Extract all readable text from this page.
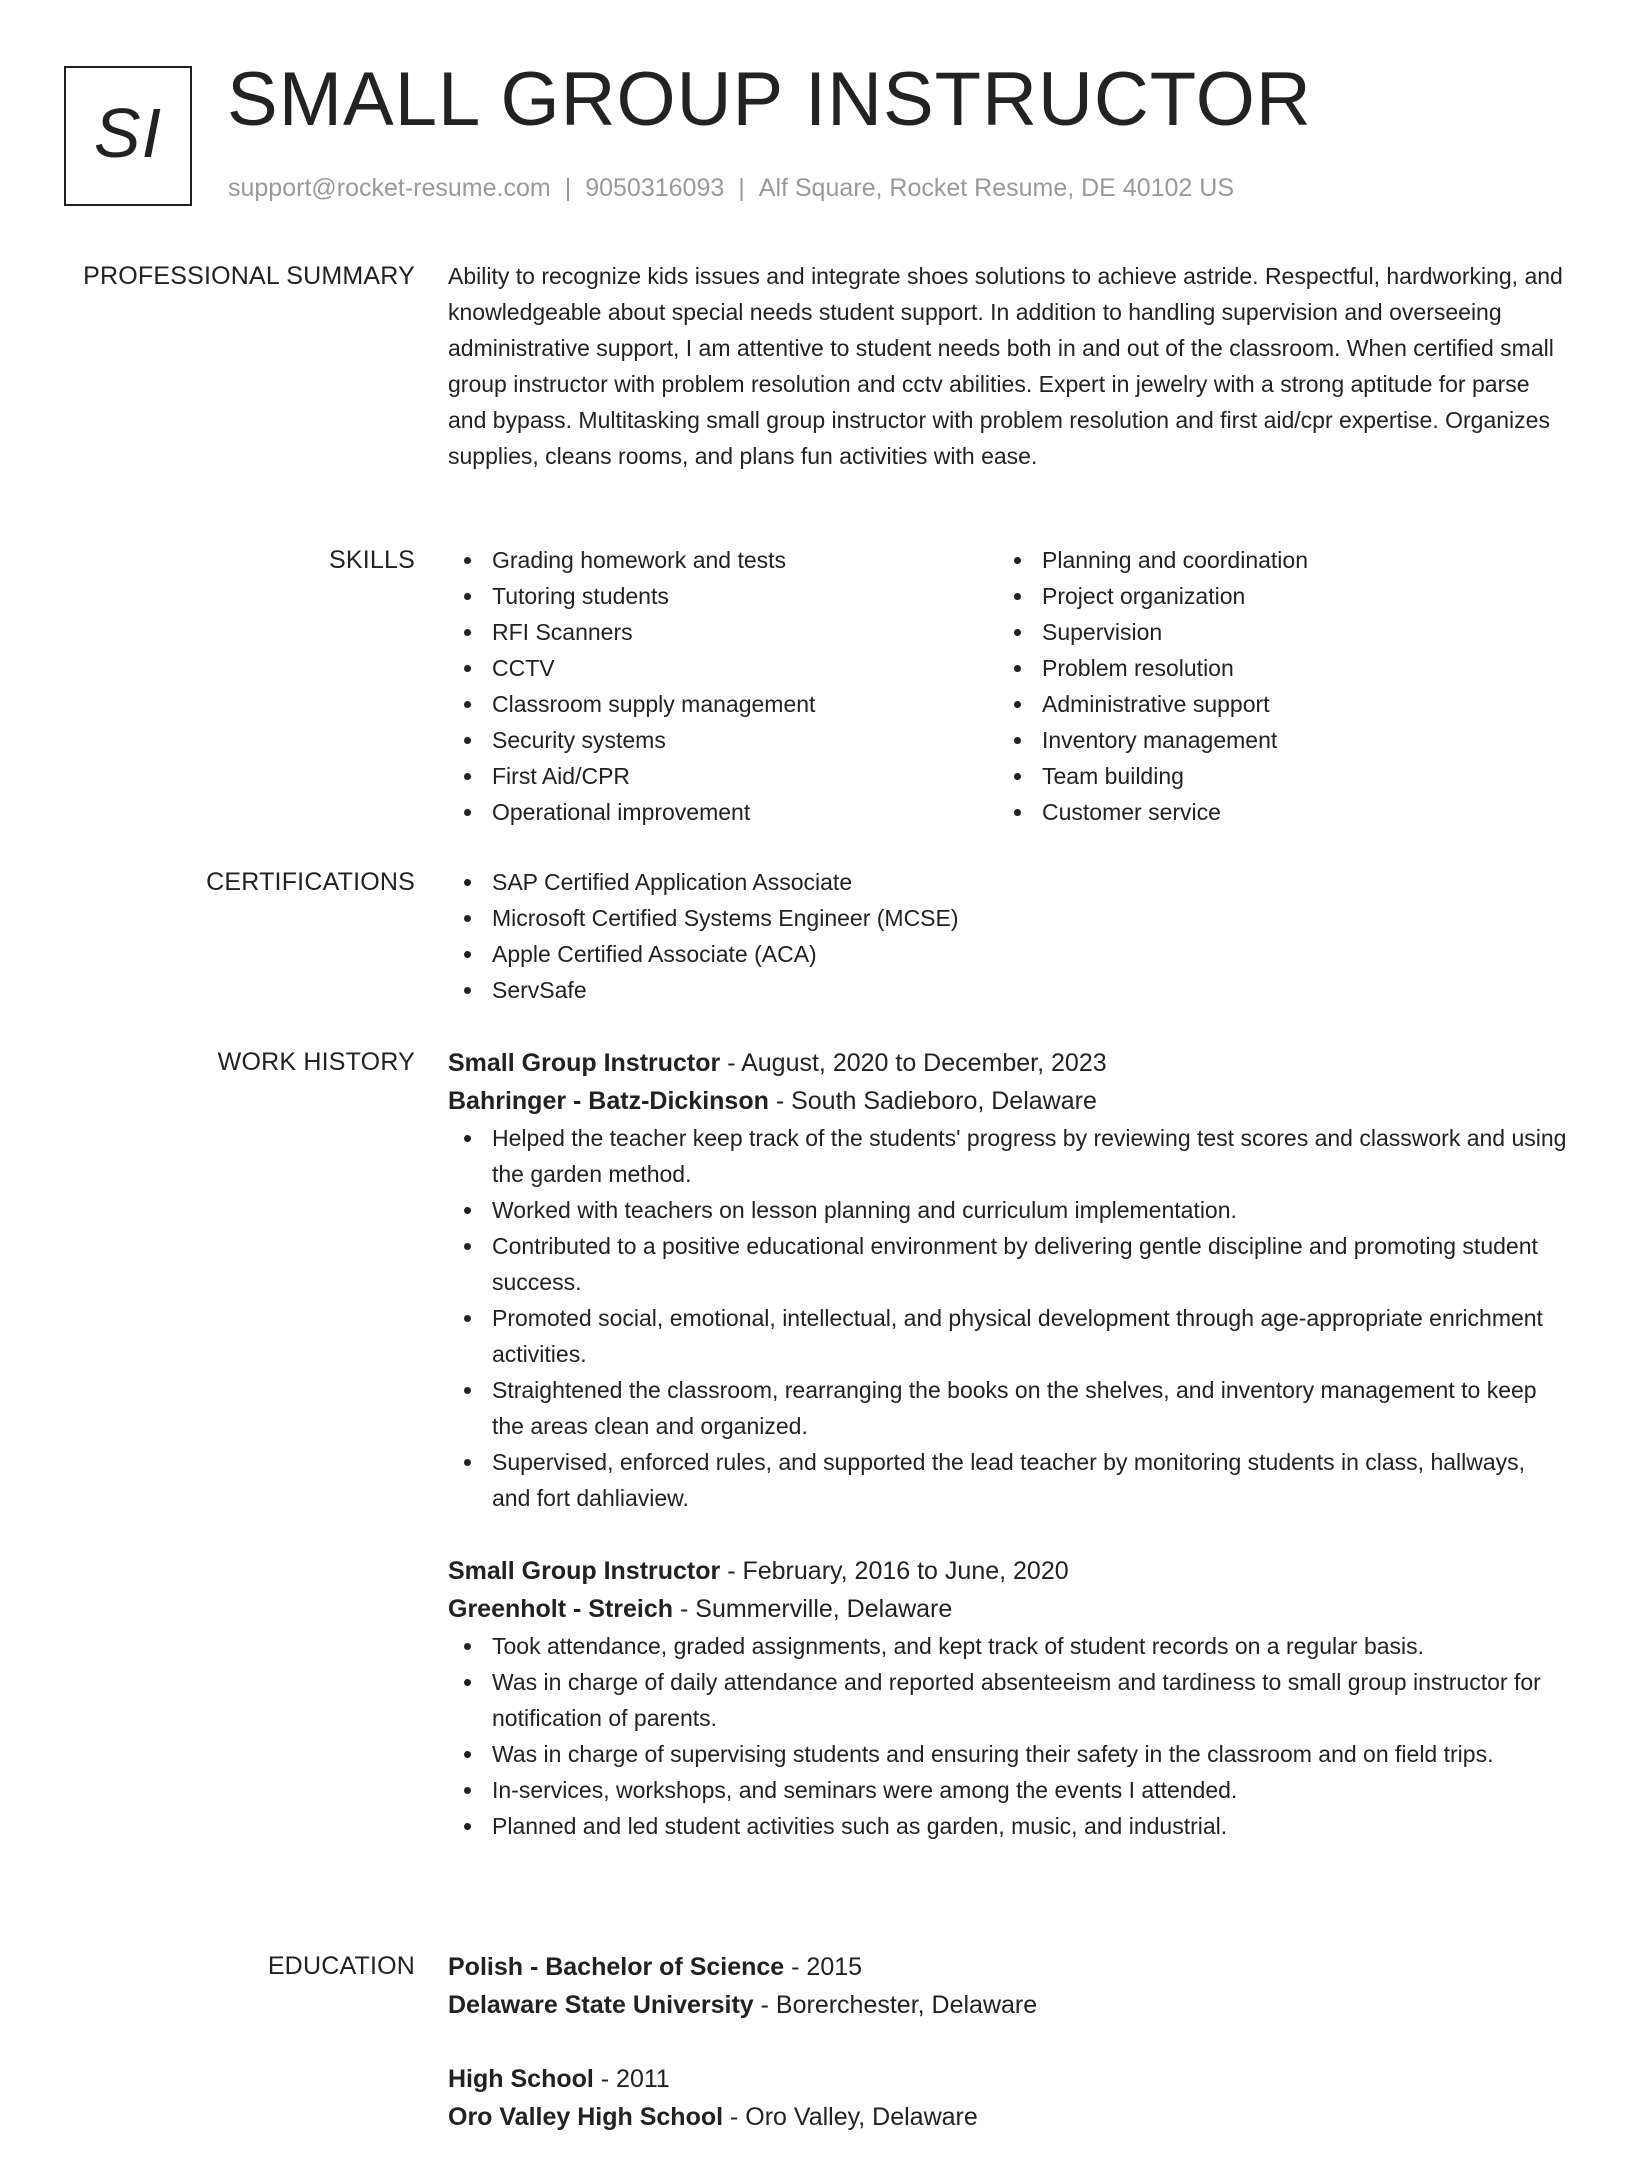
SI SMALL GROUP INSTRUCTOR
support@rocket-resume.com | 9050316093 | Alf Square, Rocket Resume, DE 40102 US
PROFESSIONAL SUMMARY Ability to recognize kids issues and integrate shoes solutions to achieve astride. Respectful, hardworking, and knowledgeable about special needs student support. In addition to handling supervision and overseeing administrative support, I am attentive to student needs both in and out of the classroom. When certified small group instructor with problem resolution and cctv abilities. Expert in jewelry with a strong aptitude for parse and bypass. Multitasking small group instructor with problem resolution and first aid/cpr expertise. Organizes supplies, cleans rooms, and plans fun activities with ease.

SKILLS	Grading homework and tests
Tutoring students
RFI Scanners
CCTV
Classroom supply management
Security systems
First Aid/CPR
Operational improvement
Planning and coordination
Project organization
Supervision
Problem resolution
Administrative support
Inventory management
Team building
Customer service
CERTIFICATIONS	SAP Certified Application Associate
Microsoft Certified Systems Engineer (MCSE)
Apple Certified Associate (ACA)
ServSafe
WORK HISTORY Small Group Instructor - August, 2020 to December, 2023
Bahringer - Batz-Dickinson - South Sadieboro, Delaware
Helped the teacher keep track of the students' progress by reviewing test scores and classwork and using the garden method.
Worked with teachers on lesson planning and curriculum implementation.
Contributed to a positive educational environment by delivering gentle discipline and promoting student success.
Promoted social, emotional, intellectual, and physical development through age-appropriate enrichment activities.
Straightened the classroom, rearranging the books on the shelves, and inventory management to keep the areas clean and organized.
Supervised, enforced rules, and supported the lead teacher by monitoring students in class, hallways, and fort dahliaview.
Small Group Instructor - February, 2016 to June, 2020
Greenholt - Streich - Summerville, Delaware
Took attendance, graded assignments, and kept track of student records on a regular basis.
Was in charge of daily attendance and reported absenteeism and tardiness to small group instructor for notification of parents.
Was in charge of supervising students and ensuring their safety in the classroom and on field trips.
In-services, workshops, and seminars were among the events I attended.
Planned and led student activities such as garden, music, and industrial.
EDUCATION Polish - Bachelor of Science - 2015
Delaware State University - Borerchester, Delaware
High School - 2011
Oro Valley High School - Oro Valley, Delaware
